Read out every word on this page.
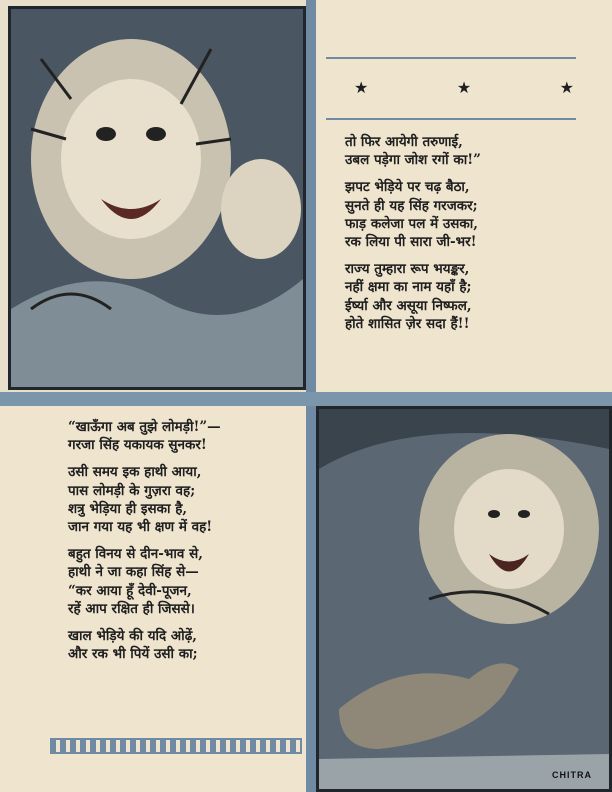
★	★	★
तो फिर आयेगी तरुणाई,
उबल पड़ेगा जोश रगों का!”
झपट भेड़िये पर चढ़ बैठा,
सुनते ही यह सिंह गरजकर;
फाड़ कलेजा पल में उसका,
रक लिया पी सारा जी-भर!
राज्य तुम्हारा रूप भयङ्कर,
नहीं क्षमा का नाम यहाँ है;
ईर्ष्या और असूया निष्फल,
होते शासित ज़ेर सदा हैं!!
“खाऊँगा अब तुझे लोमड़ी!”—
गरजा सिंह यकायक सुनकर!
उसी समय इक हाथी आया,
पास लोमड़ी के गुज़रा वह;
शत्रु भेड़िया ही इसका है,
जान गया यह भी क्षण में वह!
बहुत विनय से दीन-भाव से,
हाथी ने जा कहा सिंह से—
“कर आया हूँ देवी-पूजन,
रहें आप रक्षित ही जिससे।
खाल भेड़िये की यदि ओढ़ें,
और रक भी पियें उसी का;
CHITRA
